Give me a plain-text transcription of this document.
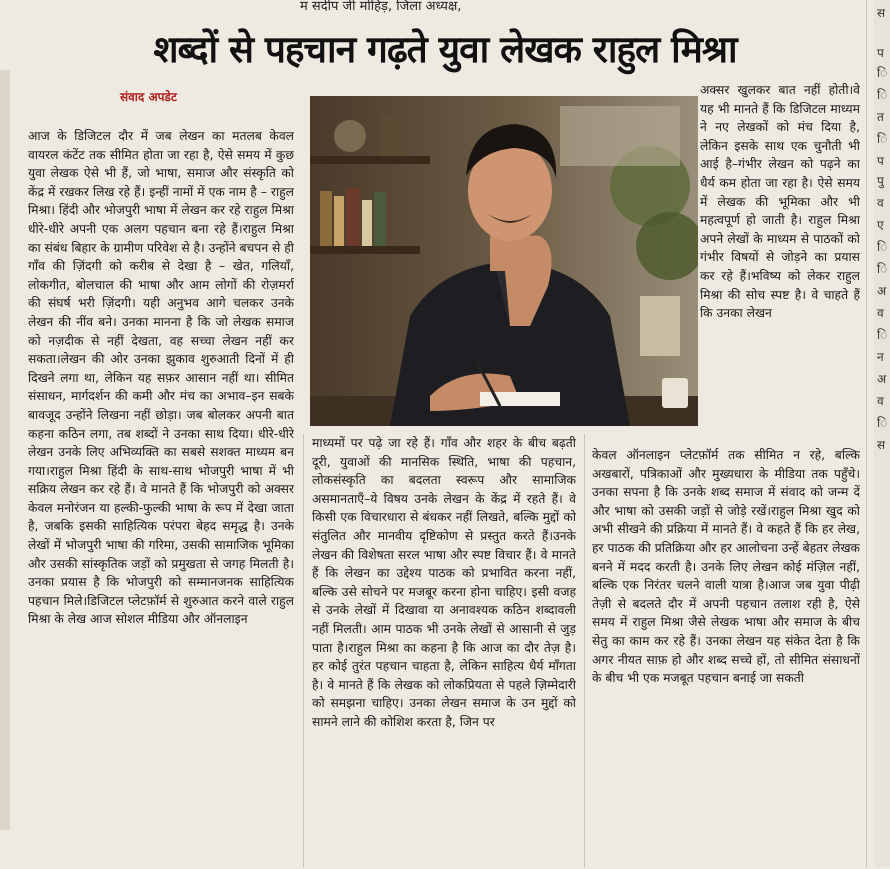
म सदीप जी मोहिड़, जिला अध्यक्ष,
शब्दों से पहचान गढ़ते युवा लेखक राहुल मिश्रा
संवाद अपडेट

आज के डिजिटल दौर में जब लेखन का मतलब केवल वायरल कंटेंट तक सीमित होता जा रहा है, ऐसे समय में कुछ युवा लेखक ऐसे भी हैं, जो भाषा, समाज और संस्कृति को केंद्र में रखकर लिख रहे हैं। इन्हीं नामों में एक नाम है – राहुल मिश्रा। हिंदी और भोजपुरी भाषा में लेखन कर रहे राहुल मिश्रा धीरे-धीरे अपनी एक अलग पहचान बना रहे हैं।राहुल मिश्रा का संबंध बिहार के ग्रामीण परिवेश से है। उन्होंने बचपन से ही गाँव की ज़िंदगी को करीब से देखा है – खेत, गलियाँ, लोकगीत, बोलचाल की भाषा और आम लोगों की रोज़मर्रा की संघर्ष भरी ज़िंदगी। यही अनुभव आगे चलकर उनके लेखन की नींव बने। उनका मानना है कि जो लेखक समाज को नज़दीक से नहीं देखता, वह सच्चा लेखन नहीं कर सकता।लेखन की ओर उनका झुकाव शुरुआती दिनों में ही दिखने लगा था, लेकिन यह सफ़र आसान नहीं था। सीमित संसाधन, मार्गदर्शन की कमी और मंच का अभाव–इन सबके बावजूद उन्होंने लिखना नहीं छोड़ा। जब बोलकर अपनी बात कहना कठिन लगा, तब शब्दों ने उनका साथ दिया। धीरे-धीरे लेखन उनके लिए अभिव्यक्ति का सबसे सशक्त माध्यम बन गया।राहुल मिश्रा हिंदी के साथ-साथ भोजपुरी भाषा में भी सक्रिय लेखन कर रहे हैं। वे मानते हैं कि भोजपुरी को अक्सर केवल मनोरंजन या हल्की-फुल्की भाषा के रूप में देखा जाता है, जबकि इसकी साहित्यिक परंपरा बेहद समृद्ध है। उनके लेखों में भोजपुरी भाषा की गरिमा, उसकी सामाजिक भूमिका और उसकी सांस्कृतिक जड़ों को प्रमुखता से जगह मिलती है। उनका प्रयास है कि भोजपुरी को सम्मानजनक साहित्यिक पहचान मिले।डिजिटल प्लेटफ़ॉर्म से शुरुआत करने वाले राहुल मिश्रा के लेख आज सोशल मीडिया और ऑनलाइन

माध्यमों पर पढ़े जा रहे हैं। गाँव और शहर के बीच बढ़ती दूरी, युवाओं की मानसिक स्थिति, भाषा की पहचान, लोकसंस्कृति का बदलता स्वरूप और सामाजिक असमानताएँ–ये विषय उनके लेखन के केंद्र में रहते हैं। वे किसी एक विचारधारा से बंधकर नहीं लिखते, बल्कि मुद्दों को संतुलित और मानवीय दृष्टिकोण से प्रस्तुत करते हैं।उनके लेखन की विशेषता सरल भाषा और स्पष्ट विचार हैं। वे मानते हैं कि लेखन का उद्देश्य पाठक को प्रभावित करना नहीं, बल्कि उसे सोचने पर मजबूर करना होना चाहिए। इसी वजह से उनके लेखों में दिखावा या अनावश्यक कठिन शब्दावली नहीं मिलती। आम पाठक भी उनके लेखों से आसानी से जुड़ पाता है।राहुल मिश्रा का कहना है कि आज का दौर तेज़ है। हर कोई तुरंत पहचान चाहता है, लेकिन साहित्य धैर्य माँगता है। वे मानते हैं कि लेखक को लोकप्रियता से पहले ज़िम्मेदारी को समझना चाहिए। उनका लेखन समाज के उन मुद्दों को सामने लाने की कोशिश करता है, जिन पर

अक्सर खुलकर बात नहीं होती।वे यह भी मानते हैं कि डिजिटल माध्यम ने नए लेखकों को मंच दिया है, लेकिन इसके साथ एक चुनौती भी आई है–गंभीर लेखन को पढ़ने का धैर्य कम होता जा रहा है। ऐसे समय में लेखक की भूमिका और भी महत्वपूर्ण हो जाती है। राहुल मिश्रा अपने लेखों के माध्यम से पाठकों को गंभीर विषयों से जोड़ने का प्रयास कर रहे हैं।भविष्य को लेकर राहुल मिश्रा की सोच स्पष्ट है। वे चाहते हैं कि उनका लेखन

केवल ऑनलाइन प्लेटफ़ॉर्म तक सीमित न रहे, बल्कि अखबारों, पत्रिकाओं और मुख्यधारा के मीडिया तक पहुँचे। उनका सपना है कि उनके शब्द समाज में संवाद को जन्म दें और भाषा को उसकी जड़ों से जोड़े रखें।राहुल मिश्रा खुद को अभी सीखने की प्रक्रिया में मानते हैं। वे कहते हैं कि हर लेख, हर पाठक की प्रतिक्रिया और हर आलोचना उन्हें बेहतर लेखक बनने में मदद करती है। उनके लिए लेखन कोई मंज़िल नहीं, बल्कि एक निरंतर चलने वाली यात्रा है।आज जब युवा पीढ़ी तेज़ी से बदलते दौर में अपनी पहचान तलाश रही है, ऐसे समय में राहुल मिश्रा जैसे लेखक भाषा और समाज के बीच सेतु का काम कर रहे हैं। उनका लेखन यह संकेत देता है कि अगर नीयत साफ़ हो और शब्द सच्चे हों, तो सीमित संसाधनों के बीच भी एक मजबूत पहचान बनाई जा सकती

स
प
ि
ि
त
ि
प
पु
व
ए
ि
ि
अ
व
ि
न
अ
व
ि
स
